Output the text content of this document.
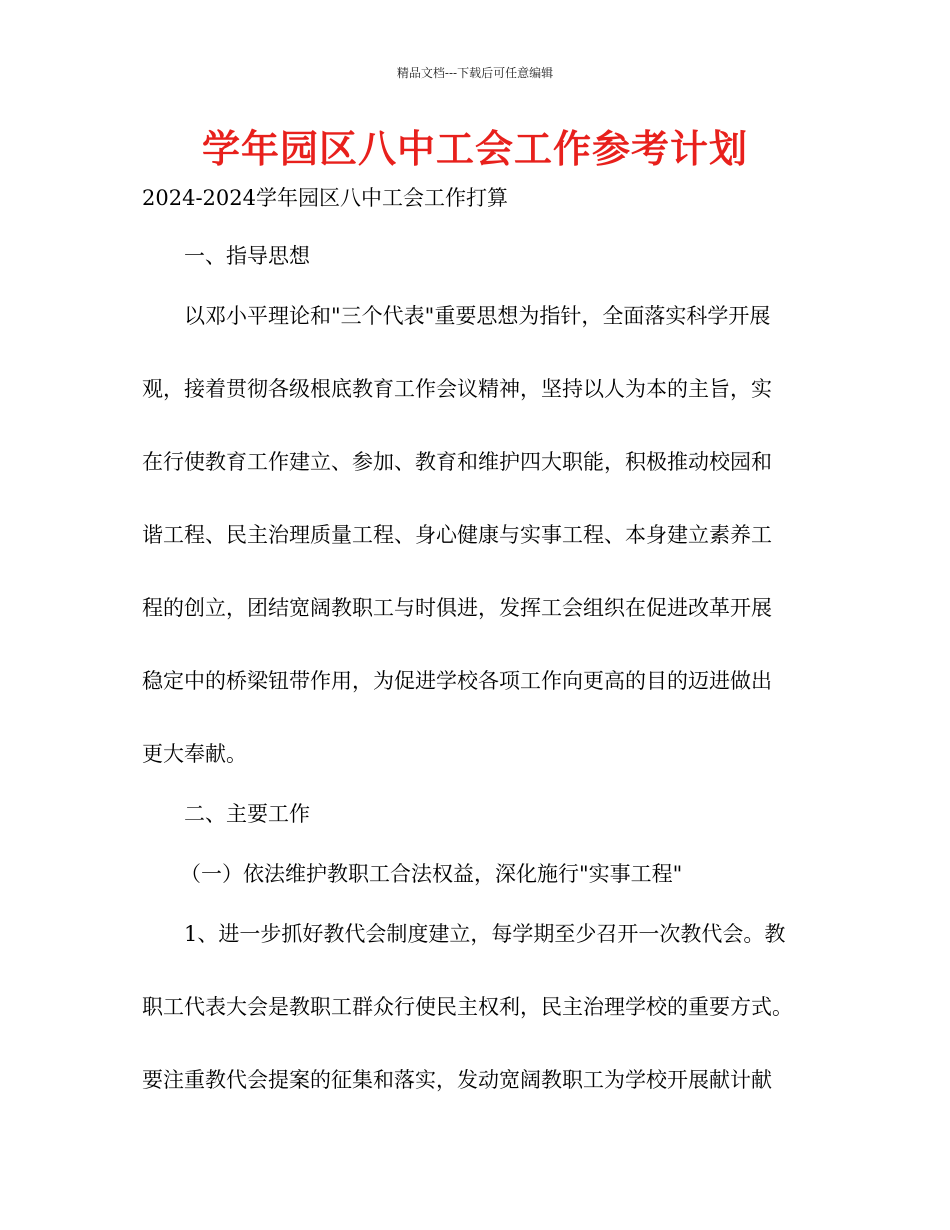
精品文档---下载后可任意编辑
学年园区八中工会工作参考计划
2024-2024学年园区八中工会工作打算
一、指导思想
以邓小平理论和"三个代表"重要思想为指针，全面落实科学开展
观，接着贯彻各级根底教育工作会议精神，坚持以人为本的主旨，实
在行使教育工作建立、参加、教育和维护四大职能，积极推动校园和
谐工程、民主治理质量工程、身心健康与实事工程、本身建立素养工
程的创立，团结宽阔教职工与时俱进，发挥工会组织在促进改革开展
稳定中的桥梁钮带作用，为促进学校各项工作向更高的目的迈进做出
更大奉献。
二、主要工作
（一）依法维护教职工合法权益，深化施行"实事工程"
1、进一步抓好教代会制度建立，每学期至少召开一次教代会。教
职工代表大会是教职工群众行使民主权利，民主治理学校的重要方式。
要注重教代会提案的征集和落实，发动宽阔教职工为学校开展献计献
